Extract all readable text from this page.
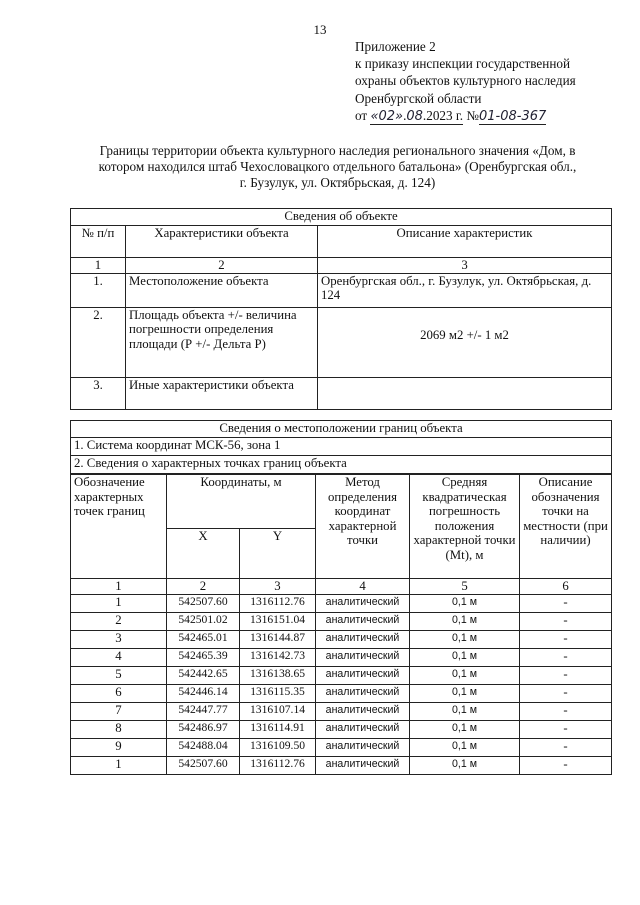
13
Приложение 2
к приказу инспекции государственной
охраны объектов культурного наследия
Оренбургской области
от «02».08.2023 г. №01-08-367
Границы территории объекта культурного наследия регионального значения «Дом, в
котором находился штаб Чехословацкого отдельного батальона» (Оренбургская обл.,
г. Бузулук, ул. Октябрьская, д. 124)
Сведения об объекте		
№ п/п	Характеристики объекта	Описание характеристик
1	2	3
1.	Местоположение объекта	Оренбургская обл., г. Бузулук, ул. Октябрьская, д. 124
2.	Площадь объекта +/- величина погрешности определения площади (Р +/- Дельта Р)	2069 м2 +/- 1 м2
3.	Иные характеристики объекта	
Сведения о местоположении границ объекта
1. Система координат МСК-56, зона 1
2. Сведения о характерных точках границ объекта
Обозначение характерных точек границ	Координаты, м		Метод определения координат характерной точки	Средняя квадратическая погрешность положения характерной точки (Mt), м	Описание обозначения точки на местности (при наличии)
	X	Y			
1	2	3	4	5	6
1	542507.60	1316112.76	аналитический	0,1 м	-
2	542501.02	1316151.04	аналитический	0,1 м	-
3	542465.01	1316144.87	аналитический	0,1 м	-
4	542465.39	1316142.73	аналитический	0,1 м	-
5	542442.65	1316138.65	аналитический	0,1 м	-
6	542446.14	1316115.35	аналитический	0,1 м	-
7	542447.77	1316107.14	аналитический	0,1 м	-
8	542486.97	1316114.91	аналитический	0,1 м	-
9	542488.04	1316109.50	аналитический	0,1 м	-
1	542507.60	1316112.76	аналитический	0,1 м	-
